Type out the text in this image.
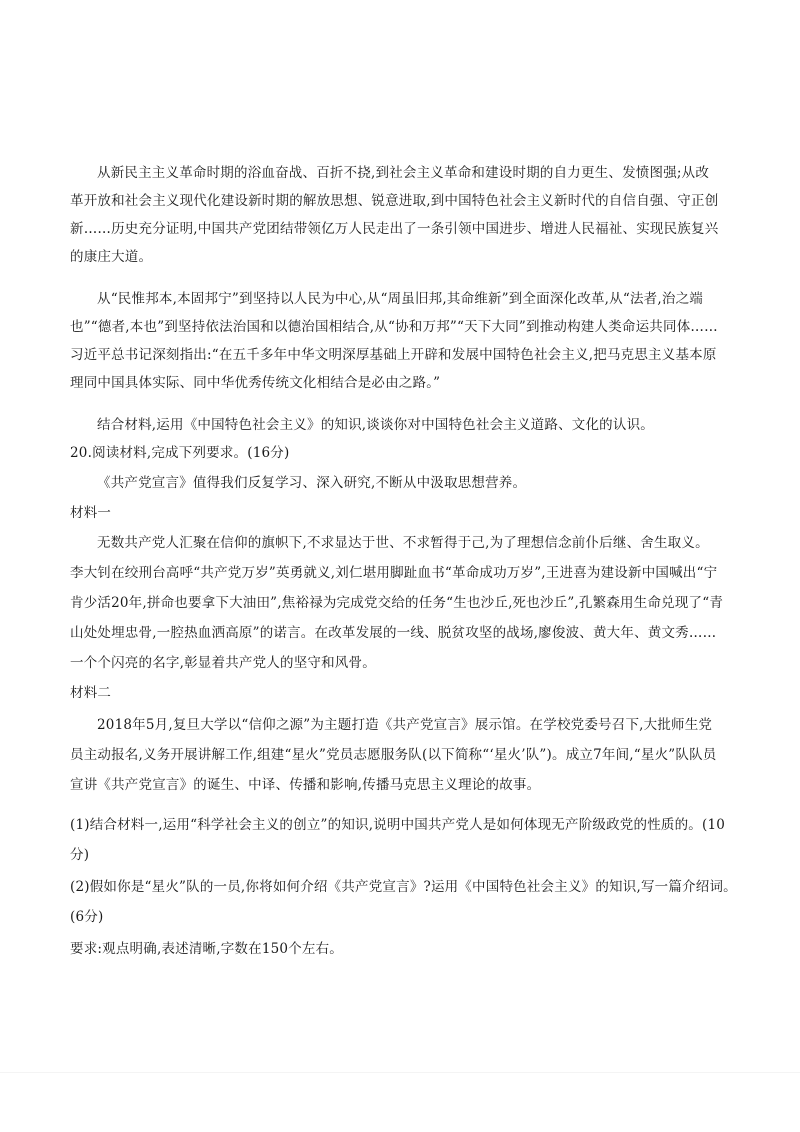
从新民主主义革命时期的浴血奋战、百折不挠,到社会主义革命和建设时期的自力更生、发愤图强;从改
革开放和社会主义现代化建设新时期的解放思想、锐意进取,到中国特色社会主义新时代的自信自强、守正创
新……历史充分证明,中国共产党团结带领亿万人民走出了一条引领中国进步、增进人民福祉、实现民族复兴
的康庄大道。
从“民惟邦本,本固邦宁”到坚持以人民为中心,从“周虽旧邦,其命维新”到全面深化改革,从“法者,治之端
也”“德者,本也”到坚持依法治国和以德治国相结合,从“协和万邦”“天下大同”到推动构建人类命运共同体……
习近平总书记深刻指出:“在五千多年中华文明深厚基础上开辟和发展中国特色社会主义,把马克思主义基本原
理同中国具体实际、同中华优秀传统文化相结合是必由之路。”
结合材料,运用《中国特色社会主义》的知识,谈谈你对中国特色社会主义道路、文化的认识。
20.阅读材料,完成下列要求。(16分)
《共产党宣言》值得我们反复学习、深入研究,不断从中汲取思想营养。
材料一
无数共产党人汇聚在信仰的旗帜下,不求显达于世、不求暂得于己,为了理想信念前仆后继、舍生取义。
李大钊在绞刑台高呼“共产党万岁”英勇就义,刘仁堪用脚趾血书“革命成功万岁”,王进喜为建设新中国喊出“宁
肯少活20年,拼命也要拿下大油田”,焦裕禄为完成党交给的任务“生也沙丘,死也沙丘”,孔繁森用生命兑现了“青
山处处埋忠骨,一腔热血洒高原”的诺言。在改革发展的一线、脱贫攻坚的战场,廖俊波、黄大年、黄文秀……
一个个闪亮的名字,彰显着共产党人的坚守和风骨。
材料二
2018年5月,复旦大学以“信仰之源”为主题打造《共产党宣言》展示馆。在学校党委号召下,大批师生党
员主动报名,义务开展讲解工作,组建“星火”党员志愿服务队(以下简称“‘星火’队”)。成立7年间,“星火”队队员
宣讲《共产党宣言》的诞生、中译、传播和影响,传播马克思主义理论的故事。
(1)结合材料一,运用“科学社会主义的创立”的知识,说明中国共产党人是如何体现无产阶级政党的性质的。(10
分)
(2)假如你是“星火”队的一员,你将如何介绍《共产党宣言》?运用《中国特色社会主义》的知识,写一篇介绍词。
(6分)
要求:观点明确,表述清晰,字数在150个左右。
